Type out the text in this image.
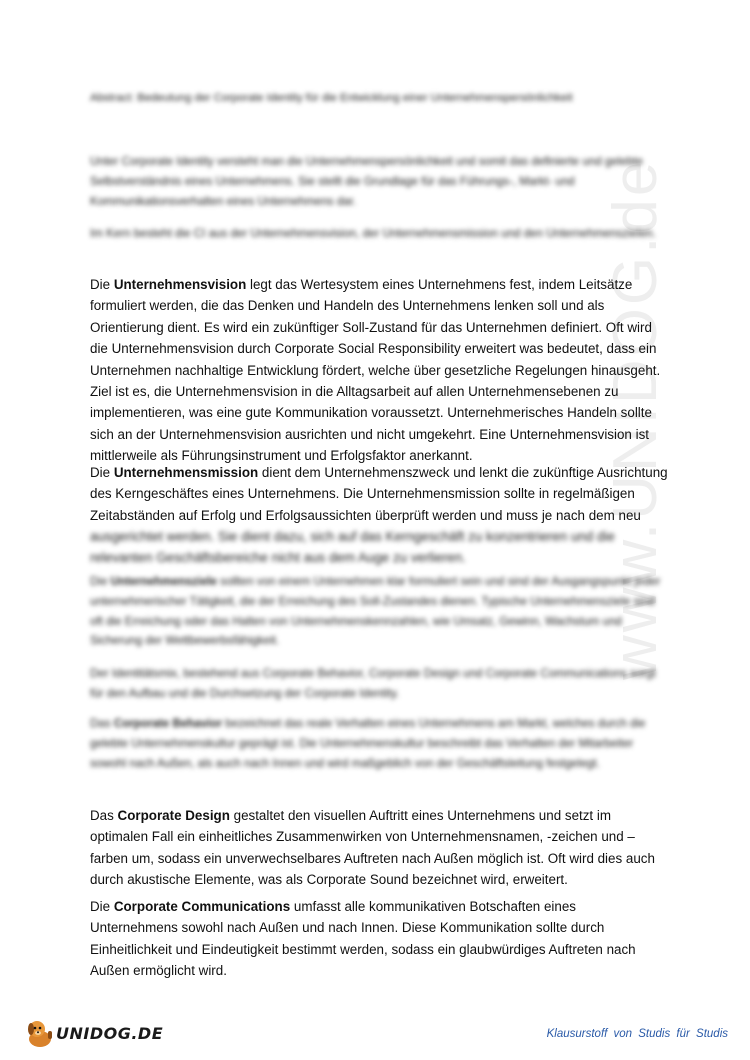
www.UNIDOG.de
Abstract: Bedeutung der Corporate Identity für die Entwicklung einer Unternehmenspersönlichkeit

Unter Corporate Identity versteht man die Unternehmenspersönlichkeit und somit das definierte und gelebte Selbstverständnis eines Unternehmens. Sie stellt die Grundlage für das Führungs-, Markt- und Kommunikationsverhalten eines Unternehmens dar.

Im Kern besteht die CI aus der Unternehmensvision, der Unternehmensmission und den Unternehmenszielen.

Die Unternehmensvision legt das Wertesystem eines Unternehmens fest, indem Leitsätze formuliert werden, die das Denken und Handeln des Unternehmens lenken soll und als Orientierung dient. Es wird ein zukünftiger Soll-Zustand für das Unternehmen definiert. Oft wird die Unternehmensvision durch Corporate Social Responsibility erweitert was bedeutet, dass ein Unternehmen nachhaltige Entwicklung fördert, welche über gesetzliche Regelungen hinausgeht. Ziel ist es, die Unternehmensvision in die Alltagsarbeit auf allen Unternehmensebenen zu implementieren, was eine gute Kommunikation voraussetzt. Unternehmerisches Handeln sollte sich an der Unternehmensvision ausrichten und nicht umgekehrt. Eine Unternehmensvision ist mittlerweile als Führungsinstrument und Erfolgsfaktor anerkannt.

Die Unternehmensmission dient dem Unternehmenszweck und lenkt die zukünftige Ausrichtung des Kerngeschäftes eines Unternehmens. Die Unternehmensmission sollte in regelmäßigen Zeitabständen auf Erfolg und Erfolgsaussichten überprüft werden und muss je nach dem neu

ausgerichtet werden. Sie dient dazu, sich auf das Kerngeschäft zu konzentrieren und die relevanten Geschäftsbereiche nicht aus dem Auge zu verlieren.

Die Unternehmensziele sollten von einem Unternehmen klar formuliert sein und sind der Ausgangspunkt jeder unternehmerischer Tätigkeit, die der Erreichung des Soll-Zustandes dienen. Typische Unternehmensziele sind oft die Erreichung oder das Halten von Unternehmenskennzahlen, wie Umsatz, Gewinn, Wachstum und Sicherung der Wettbewerbsfähigkeit.

Der Identitätsmix, bestehend aus Corporate Behavior, Corporate Design und Corporate Communications sorgt für den Aufbau und die Durchsetzung der Corporate Identity.

Das Corporate Behavior bezeichnet das reale Verhalten eines Unternehmens am Markt, welches durch die gelebte Unternehmenskultur geprägt ist. Die Unternehmenskultur beschreibt das Verhalten der Mitarbeiter sowohl nach Außen, als auch nach Innen und wird maßgeblich von der Geschäftsleitung festgelegt.

Das Corporate Design gestaltet den visuellen Auftritt eines Unternehmens und setzt im optimalen Fall ein einheitliches Zusammenwirken von Unternehmensnamen, -zeichen und –farben um, sodass ein unverwechselbares Auftreten nach Außen möglich ist. Oft wird dies auch durch akustische Elemente, was als Corporate Sound bezeichnet wird, erweitert.

Die Corporate Communications umfasst alle kommunikativen Botschaften eines Unternehmens sowohl nach Außen und nach Innen. Diese Kommunikation sollte durch Einheitlichkeit und Eindeutigkeit bestimmt werden, sodass ein glaubwürdiges Auftreten nach Außen ermöglicht wird.

UNIDOG.DE	Klausurstoff von Studis für Studis
